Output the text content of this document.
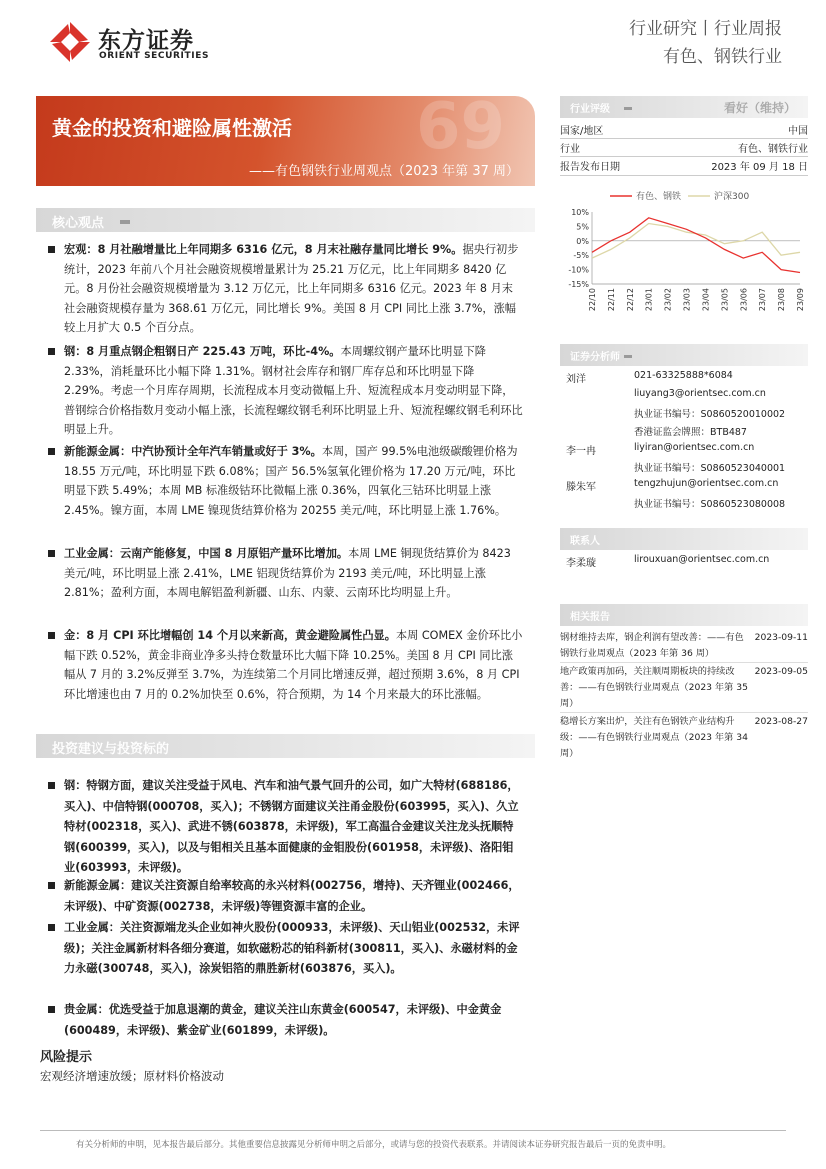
东方证券
ORIENT SECURITIES
行业研究丨行业周报
有色、钢铁行业
69
黄金的投资和避险属性激活
——有色钢铁行业周观点（2023 年第 37 周）
核心观点
宏观：8 月社融增量比上年同期多 6316 亿元，8 月末社融存量同比增长 9%。据央行初步统计，2023 年前八个月社会融资规模增量累计为 25.21 万亿元，比上年同期多 8420 亿元。8 月份社会融资规模增量为 3.12 万亿元，比上年同期多 6316 亿元。2023 年 8 月末社会融资规模存量为 368.61 万亿元，同比增长 9%。美国 8 月 CPI 同比上涨 3.7%，涨幅较上月扩大 0.5 个百分点。
钢：8 月重点钢企粗钢日产 225.43 万吨，环比-4%。本周螺纹钢产量环比明显下降 2.33%，消耗量环比小幅下降 1.31%。钢材社会库存和钢厂库存总和环比明显下降 2.29%。考虑一个月库存周期，长流程成本月变动微幅上升、短流程成本月变动明显下降，普钢综合价格指数月变动小幅上涨，长流程螺纹钢毛利环比明显上升、短流程螺纹钢毛利环比明显上升。
新能源金属：中汽协预计全年汽车销量或好于 3%。本周，国产 99.5%电池级碳酸锂价格为 18.55 万元/吨，环比明显下跌 6.08%；国产 56.5%氢氧化锂价格为 17.20 万元/吨，环比明显下跌 5.49%；本周 MB 标准级钴环比微幅上涨 0.36%，四氧化三钴环比明显上涨 2.45%。镍方面，本周 LME 镍现货结算价格为 20255 美元/吨，环比明显上涨 1.76%。
工业金属：云南产能修复，中国 8 月原铝产量环比增加。本周 LME 铜现货结算价为 8423 美元/吨，环比明显上涨 2.41%，LME 铝现货结算价为 2193 美元/吨，环比明显上涨 2.81%；盈利方面，本周电解铝盈利新疆、山东、内蒙、云南环比均明显上升。
金：8 月 CPI 环比增幅创 14 个月以来新高，黄金避险属性凸显。本周 COMEX 金价环比小幅下跌 0.52%，黄金非商业净多头持仓数量环比大幅下降 10.25%。美国 8 月 CPI 同比涨幅从 7 月的 3.2%反弹至 3.7%，为连续第二个月同比增速反弹，超过预期 3.6%，8 月 CPI 环比增速也由 7 月的 0.2%加快至 0.6%，符合预期，为 14 个月来最大的环比涨幅。
投资建议与投资标的
钢：特钢方面，建议关注受益于风电、汽车和油气景气回升的公司，如广大特材(688186，买入)、中信特钢(000708，买入)；不锈钢方面建议关注甬金股份(603995，买入)、久立特材(002318，买入)、武进不锈(603878，未评级)，军工高温合金建议关注龙头抚顺特钢(600399，买入)，以及与钼相关且基本面健康的金钼股份(601958，未评级)、洛阳钼业(603993，未评级)。
新能源金属：建议关注资源自给率较高的永兴材料(002756，增持)、天齐锂业(002466，未评级)、中矿资源(002738，未评级)等锂资源丰富的企业。
工业金属：关注资源端龙头企业如神火股份(000933，未评级)、天山铝业(002532，未评级)；关注金属新材料各细分赛道，如软磁粉芯的铂科新材(300811，买入)、永磁材料的金力永磁(300748，买入)，涂炭铝箔的鼎胜新材(603876，买入)。
贵金属：优选受益于加息退潮的黄金，建议关注山东黄金(600547，未评级)、中金黄金(600489，未评级)、紫金矿业(601899，未评级)。
风险提示
宏观经济增速放缓；原材料价格波动
有关分析师的申明，见本报告最后部分。其他重要信息披露见分析师申明之后部分，或请与您的投资代表联系。并请阅读本证券研究报告最后一页的免责申明。
行业评级	看好（维持）
国家/地区	中国
行业	有色、钢铁行业
报告发布日期	2023 年 09 月 18 日
有色、钢铁	沪深300
10%
5%
0%
-5%
-10%
-15%
22/10 22/11 22/12 23/01 23/02 23/03 23/04 23/05 23/06 23/07 23/08 23/09
证券分析师
刘洋	021-63325888*6084
liuyang3@orientsec.com.cn
执业证书编号：S0860520010002
香港证监会牌照：BTB487
李一冉	liyiran@orientsec.com.cn
执业证书编号：S0860523040001
滕朱军	tengzhujun@orientsec.com.cn
执业证书编号：S0860523080008
联系人
李柔璇	lirouxuan@orientsec.com.cn
相关报告
钢材维持去库，钢企利润有望改善：——有色钢铁行业周观点（2023 年第 36 周）
2023-09-11
地产政策再加码，关注顺周期板块的持续改善：——有色钢铁行业周观点（2023 年第 35 周）
2023-09-05
稳增长方案出炉，关注有色钢铁产业结构升级：——有色钢铁行业周观点（2023 年第 34 周）
2023-08-27
